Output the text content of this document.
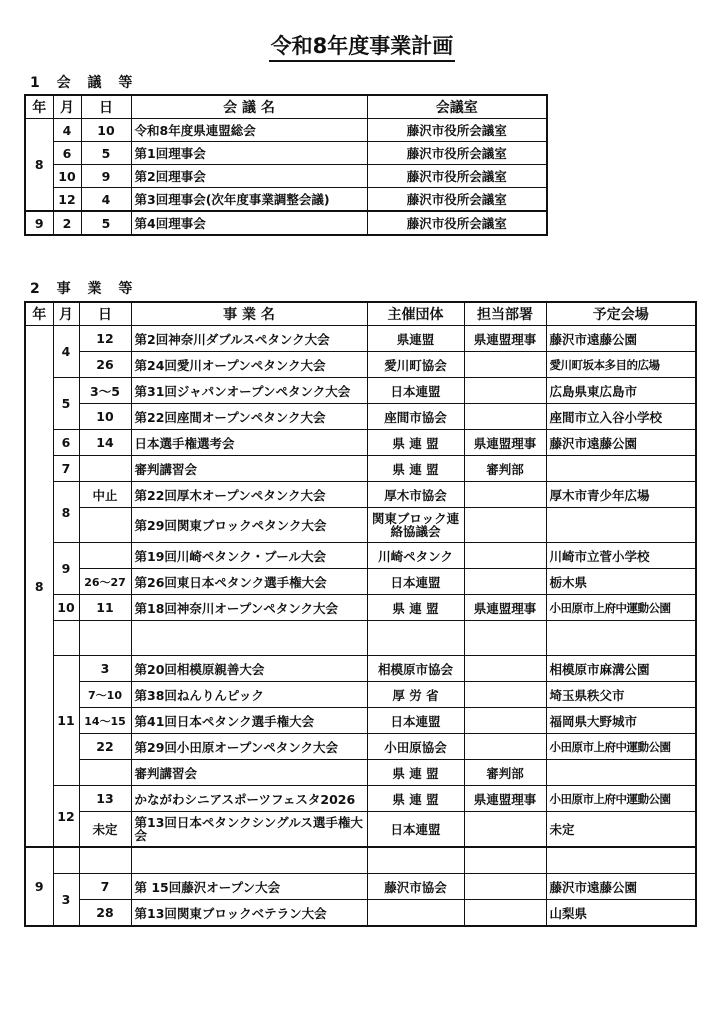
令和8年度事業計画
1 会 議 等
年	月	日	会 議 名	会議室
8	4	10	令和8年度県連盟総会	藤沢市役所会議室
	6	5	第1回理事会	藤沢市役所会議室
	10	9	第2回理事会	藤沢市役所会議室
	12	4	第3回理事会(次年度事業調整会議)	藤沢市役所会議室
9	2	5	第4回理事会	藤沢市役所会議室
2 事 業 等
年	月	日	事 業 名	主催団体	担当部署	予定会場
8	4	12	第2回神奈川ダブルスペタンク大会	県連盟	県連盟理事	藤沢市遠藤公園
		26	第24回愛川オープンペタンク大会	愛川町協会		愛川町坂本多目的広場
	5	3～5	第31回ジャパンオープンペタンク大会	日本連盟		広島県東広島市
		10	第22回座間オープンペタンク大会	座間市協会		座間市立入谷小学校
	6	14	日本選手権選考会	県 連 盟	県連盟理事	藤沢市遠藤公園
	7		審判講習会	県 連 盟	審判部	
	8	中止	第22回厚木オープンペタンク大会	厚木市協会		厚木市青少年広場
			第29回関東ブロックペタンク大会	関東ブロック連絡協議会		
	9		第19回川崎ペタンク・ブール大会	川崎ペタンク		川崎市立菅小学校
		26～27	第26回東日本ペタンク選手権大会	日本連盟		栃木県
	10	11	第18回神奈川オープンペタンク大会	県 連 盟	県連盟理事	小田原市上府中運動公園

	11	3	第20回相模原親善大会	相模原市協会		相模原市麻溝公園
		7～10	第38回ねんりんピック	厚 労 省		埼玉県秩父市
		14～15	第41回日本ペタンク選手権大会	日本連盟		福岡県大野城市
		22	第29回小田原オープンペタンク大会	小田原協会		小田原市上府中運動公園
			審判講習会	県 連 盟	審判部	
	12	13	かながわシニアスポーツフェスタ2026	県 連 盟	県連盟理事	小田原市上府中運動公園
		未定	第13回日本ペタンクシングルス選手権大会	日本連盟		未定
9						
	3	7	第 15回藤沢オープン大会	藤沢市協会		藤沢市遠藤公園
		28	第13回関東ブロックベテラン大会			山梨県
